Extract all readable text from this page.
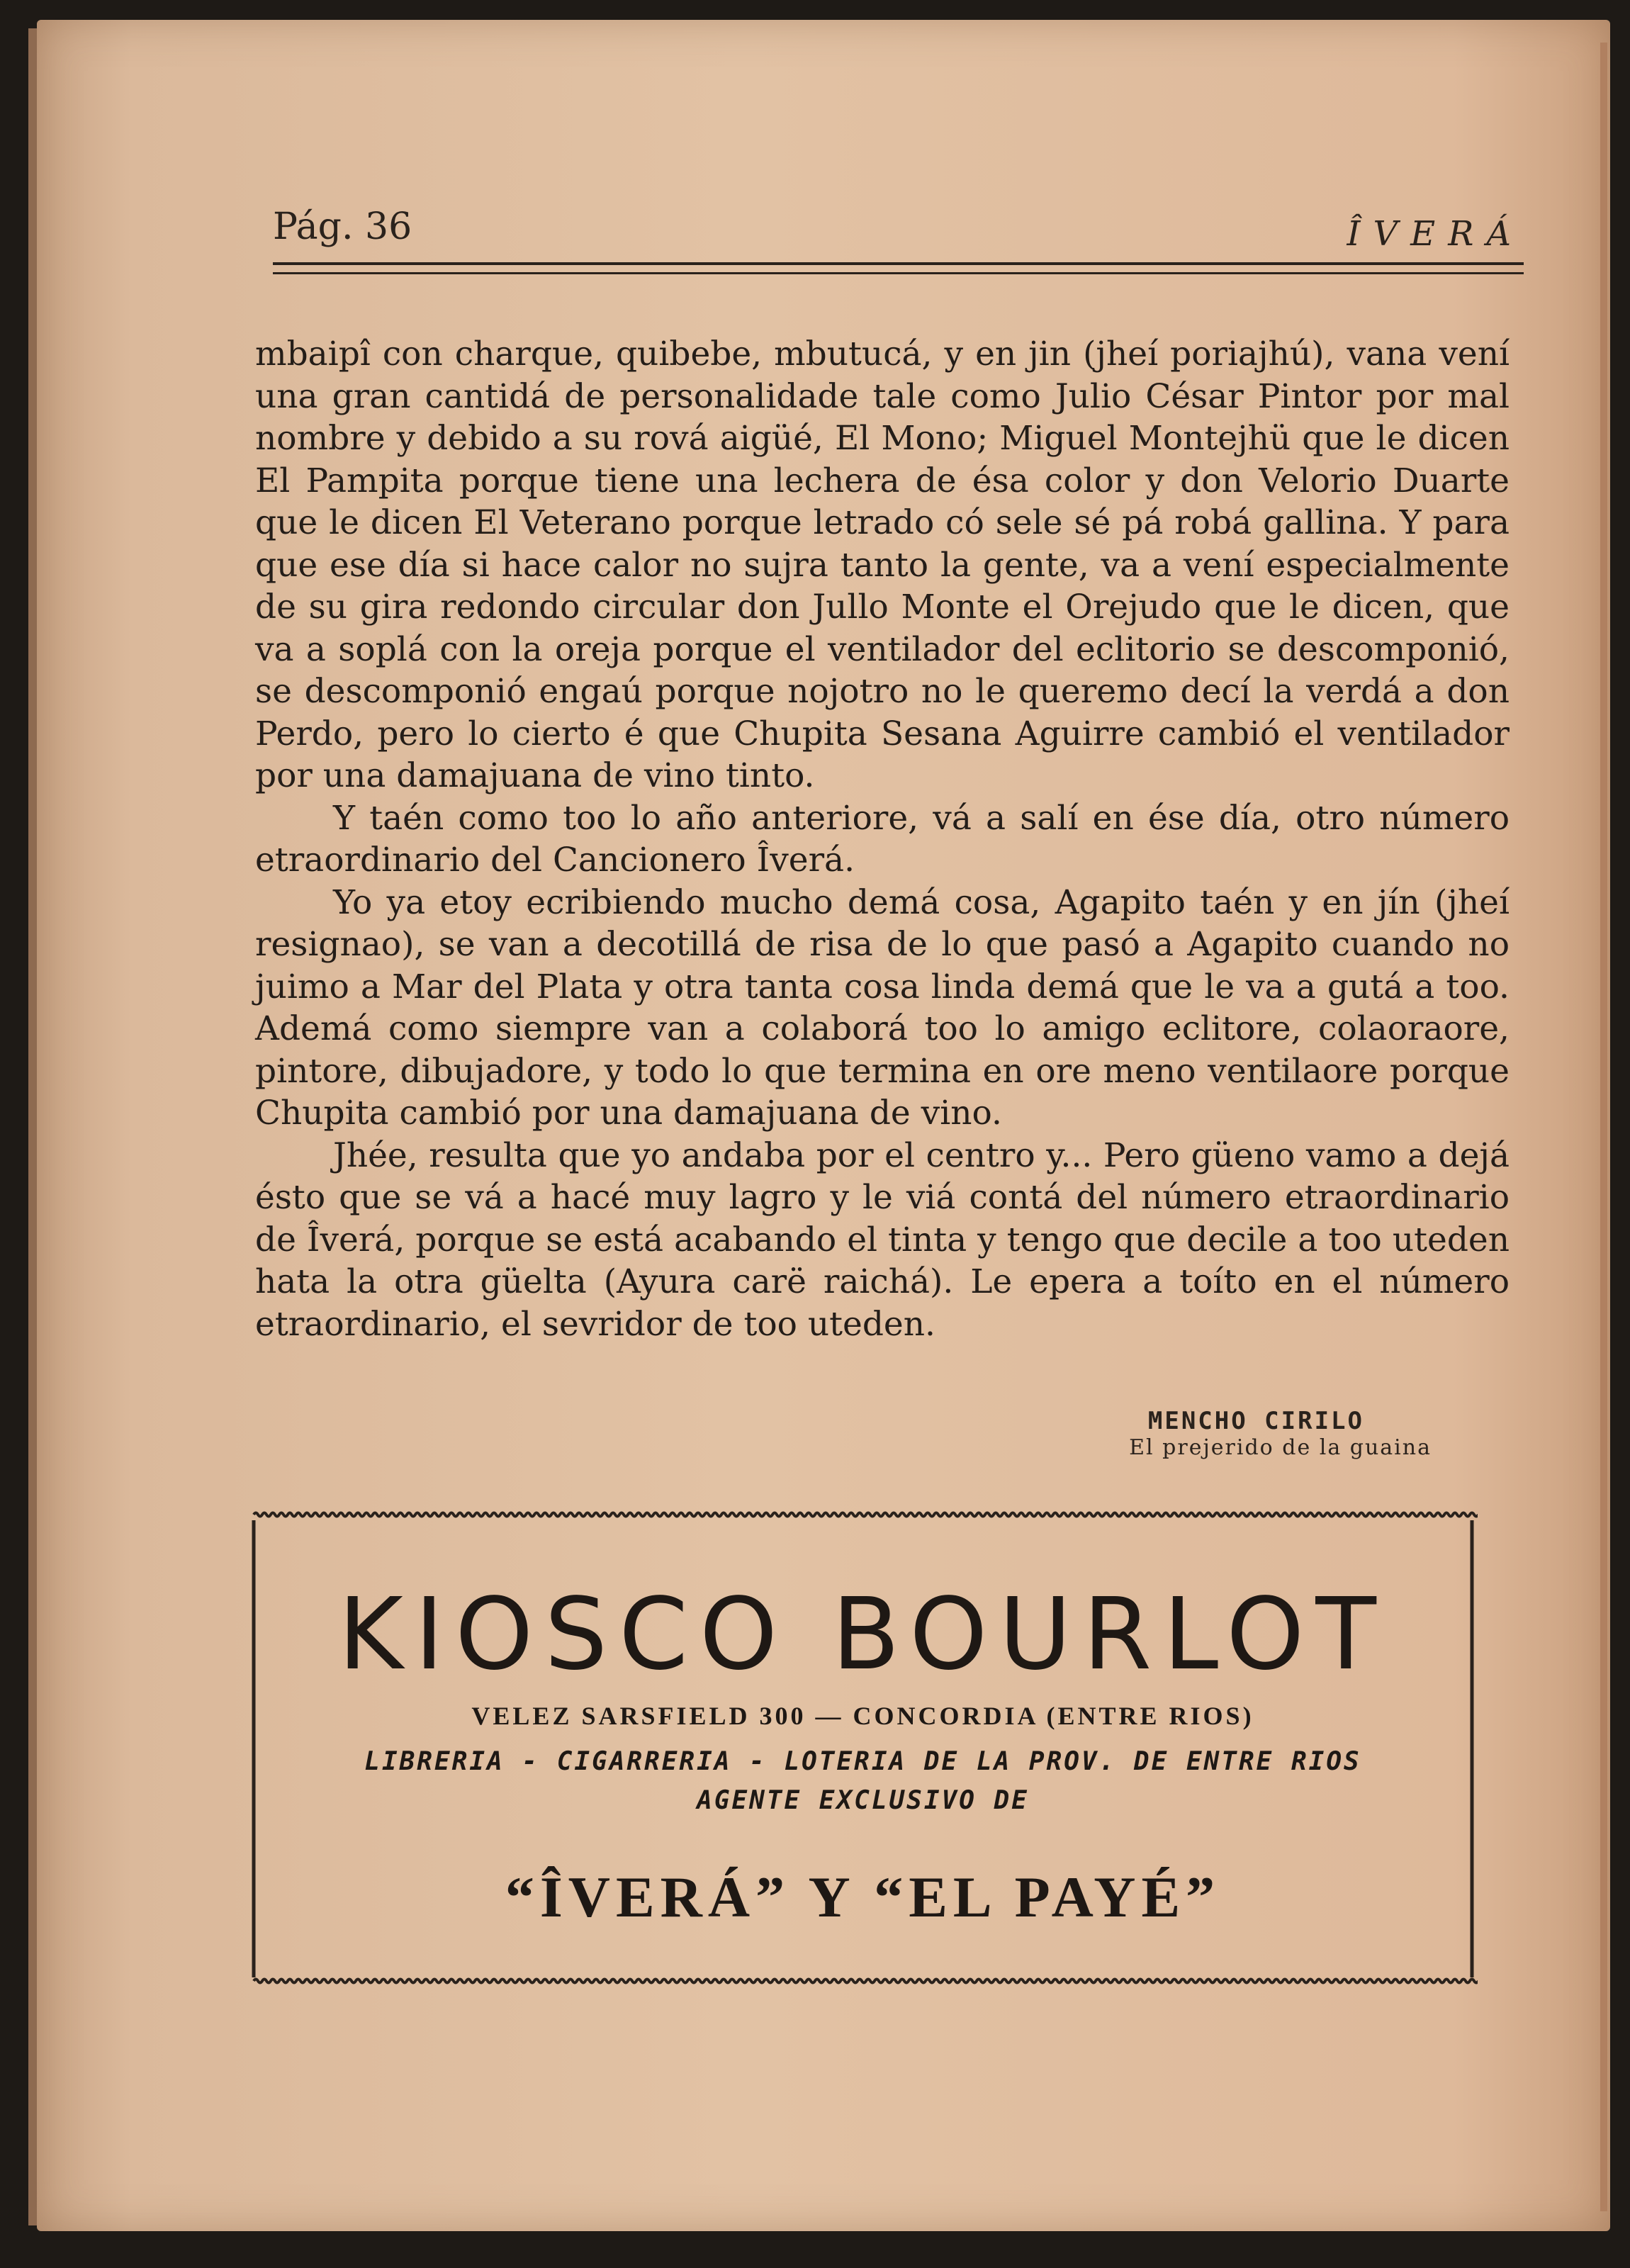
Pág. 36	ÎVERÁ

mbaipî con charque, quibebe, mbutucá, y en jin (jheí poriajhú), vana vení una gran cantidá de personalidade tale como Julio César Pintor por mal nombre y debido a su rová aigüé, El Mono; Miguel Montejhü que le dicen El Pampita porque tiene una lechera de ésa color y don Velorio Duarte que le dicen El Veterano porque letrado có sele sé pá robá gallina. Y para que ese día si hace calor no sujra tanto la gente, va a vení especialmente de su gira redondo circular don Jullo Monte el Orejudo que le dicen, que va a soplá con la oreja porque el ventilador del eclitorio se descomponió, se descomponió engaú porque nojotro no le queremo decí la verdá a don Perdo, pero lo cierto é que Chupita Sesana Aguirre cambió el ventilador por una damajuana de vino tinto.

Y taén como too lo año anteriore, vá a salí en ése día, otro número etraordinario del Cancionero Îverá.

Yo ya etoy ecribiendo mucho demá cosa, Agapito taén y en jín (jheí resignao), se van a decotillá de risa de lo que pasó a Agapito cuando no juimo a Mar del Plata y otra tanta cosa linda demá que le va a gutá a too. Ademá como siempre van a colaborá too lo amigo eclitore, colaoraore, pintore, dibujadore, y todo lo que termina en ore meno ventilaore porque Chupita cambió por una damajuana de vino.

Jhée, resulta que yo andaba por el centro y... Pero güeno vamo a dejá ésto que se vá a hacé muy lagro y le viá contá del número etraordinario de Îverá, porque se está acabando el tinta y tengo que decile a too uteden hata la otra güelta (Ayura carë raichá). Le epera a toíto en el número etraordinario, el sevridor de too uteden.

MENCHO CIRILO
El prejerido de la guaina
KIOSCO BOURLOT
VELEZ SARSFIELD 300 — CONCORDIA (ENTRE RIOS)
LIBRERIA - CIGARRERIA - LOTERIA DE LA PROV. DE ENTRE RIOS
AGENTE EXCLUSIVO DE
“ÎVERÁ” Y “EL PAYÉ”
